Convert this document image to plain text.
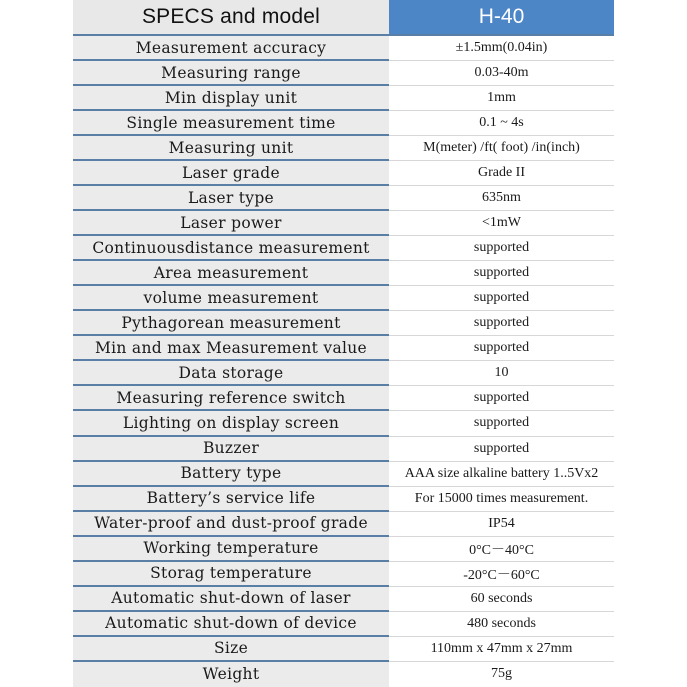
SPECS and model	H-40
Measurement accuracy	±1.5mm(0.04in)
Measuring range	0.03-40m
Min display unit	1mm
Single measurement time	0.1 ~ 4s
Measuring unit	M(meter) /ft( foot) /in(inch)
Laser grade	Grade II
Laser type	635nm
Laser power	<1mW
Continuousdistance measurement	supported
Area measurement	supported
volume measurement	supported
Pythagorean measurement	supported
Min and max Measurement value	supported
Data storage	10
Measuring reference switch	supported
Lighting on display screen	supported
Buzzer	supported
Battery type	AAA size alkaline battery 1..5Vx2
Battery’s service life	For 15000 times measurement.
Water-proof and dust-proof grade	IP54
Working temperature	0°C－40°C
Storag temperature	-20°C－60°C
Automatic shut-down of laser	60 seconds
Automatic shut-down of device	480 seconds
Size	110mm x 47mm x 27mm
Weight	75g
